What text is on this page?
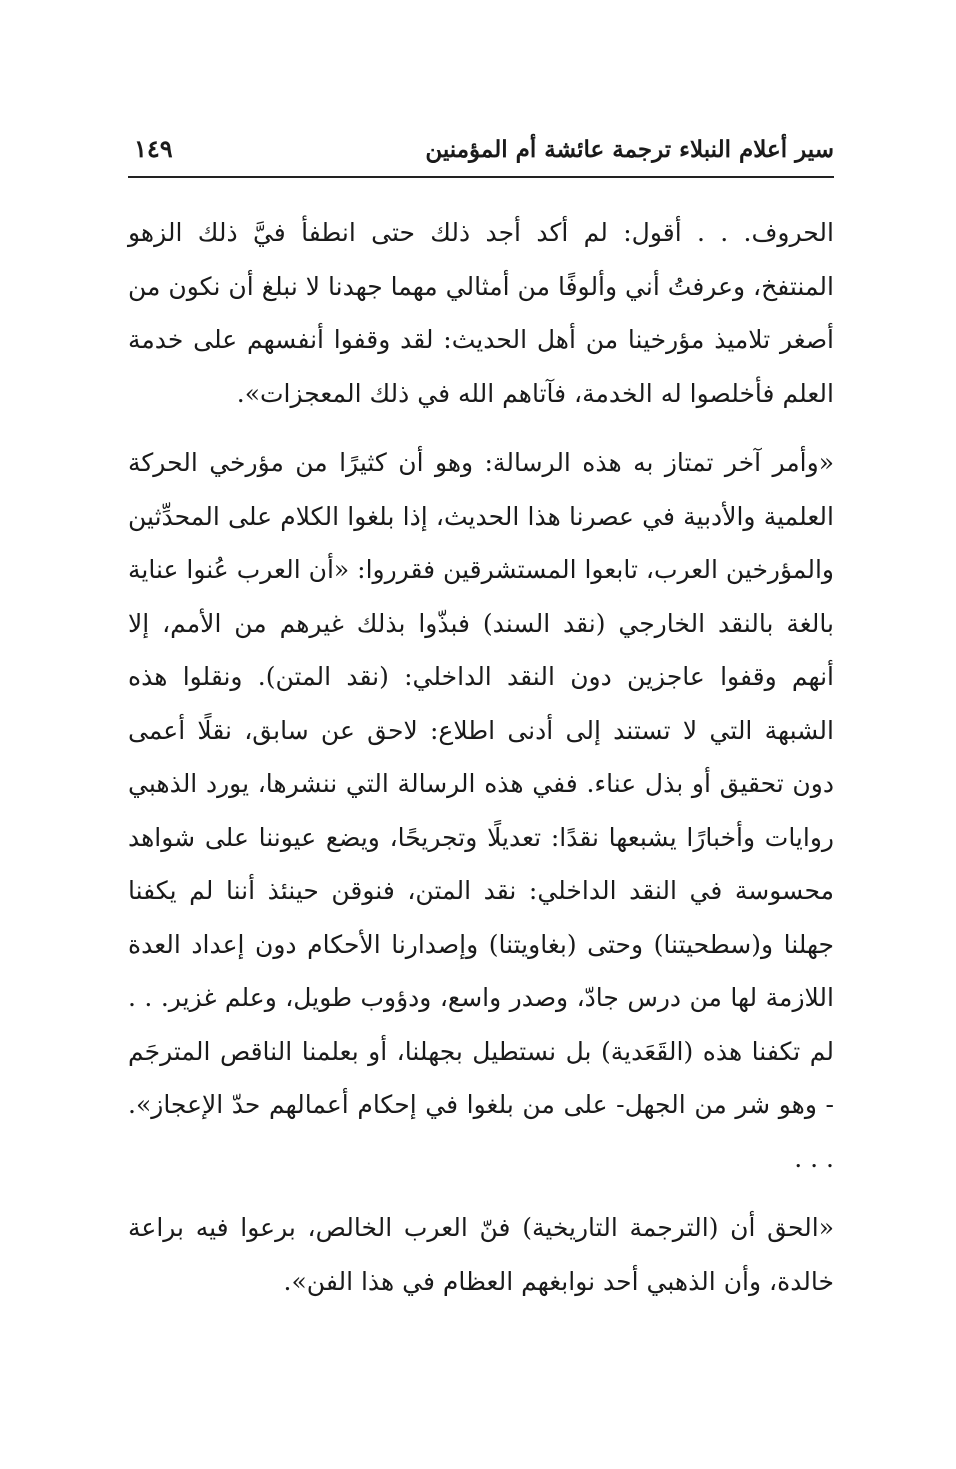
سير أعلام النبلاء ترجمة عائشة أم المؤمنين
١٤٩

الحروف. . . أقول: لم أكد أجد ذلك حتى انطفأ فيَّ ذلك الزهو المنتفخ، وعرفتُ أني وألوفًا من أمثالي مهما جهدنا لا نبلغ أن نكون من أصغر تلاميذ مؤرخينا من أهل الحديث: لقد وقفوا أنفسهم على خدمة العلم فأخلصوا له الخدمة، فآتاهم الله في ذلك المعجزات».

«وأمر آخر تمتاز به هذه الرسالة: وهو أن كثيرًا من مؤرخي الحركة العلمية والأدبية في عصرنا هذا الحديث، إذا بلغوا الكلام على المحدِّثين والمؤرخين العرب، تابعوا المستشرقين فقرروا: «أن العرب عُنوا عناية بالغة بالنقد الخارجي (نقد السند) فبذّوا بذلك غيرهم من الأمم، إلا أنهم وقفوا عاجزين دون النقد الداخلي: (نقد المتن). ونقلوا هذه الشبهة التي لا تستند إلى أدنى اطلاع: لاحق عن سابق، نقلًا أعمى دون تحقيق أو بذل عناء. ففي هذه الرسالة التي ننشرها، يورد الذهبي روايات وأخبارًا يشبعها نقدًا: تعديلًا وتجريحًا، ويضع عيوننا على شواهد محسوسة في النقد الداخلي: نقد المتن، فنوقن حينئذ أننا لم يكفنا جهلنا و(سطحيتنا) وحتى (بغاويتنا) وإصدارنا الأحكام دون إعداد العدة اللازمة لها من درس جادّ، وصدر واسع، ودؤوب طويل، وعلم غزير. . . لم تكفنا هذه (القَعَدية) بل نستطيل بجهلنا، أو بعلمنا الناقص المترجَم - وهو شر من الجهل- على من بلغوا في إحكام أعمالهم حدّ الإعجاز». . . .

«الحق أن (الترجمة التاريخية) فنّ العرب الخالص، برعوا فيه براعة خالدة، وأن الذهبي أحد نوابغهم العظام في هذا الفن».
